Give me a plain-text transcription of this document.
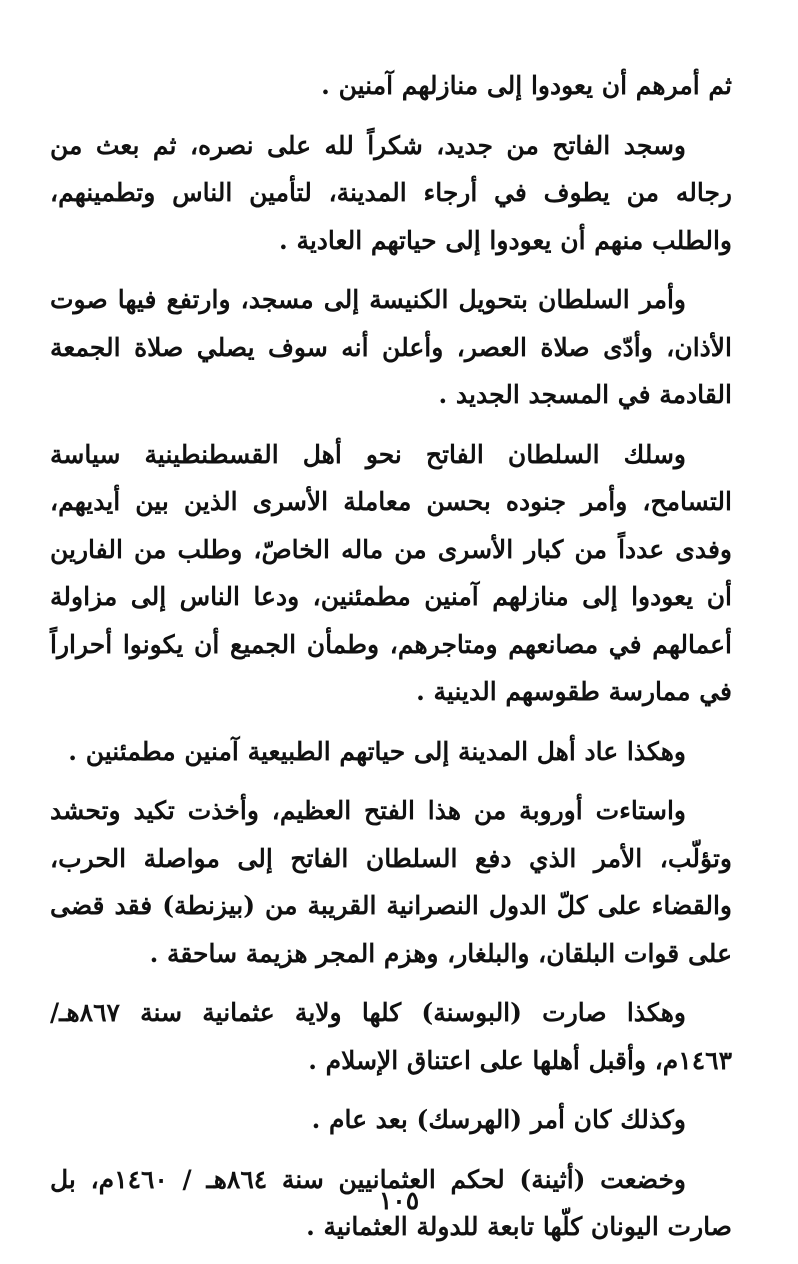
ثم أمرهم أن يعودوا إلى منازلهم آمنين .

وسجد الفاتح من جديد، شكراً لله على نصره، ثم بعث من رجاله من يطوف في أرجاء المدينة، لتأمين الناس وتطمينهم، والطلب منهم أن يعودوا إلى حياتهم العادية .

وأمر السلطان بتحويل الكنيسة إلى مسجد، وارتفع فيها صوت الأذان، وأدّى صلاة العصر، وأعلن أنه سوف يصلي صلاة الجمعة القادمة في المسجد الجديد .

وسلك السلطان الفاتح نحو أهل القسطنطينية سياسة التسامح، وأمر جنوده بحسن معاملة الأسرى الذين بين أيديهم، وفدى عدداً من كبار الأسرى من ماله الخاصّ، وطلب من الفارين أن يعودوا إلى منازلهم آمنين مطمئنين، ودعا الناس إلى مزاولة أعمالهم في مصانعهم ومتاجرهم، وطمأن الجميع أن يكونوا أحراراً في ممارسة طقوسهم الدينية .

وهكذا عاد أهل المدينة إلى حياتهم الطبيعية آمنين مطمئنين .

واستاءت أوروبة من هذا الفتح العظيم، وأخذت تكيد وتحشد وتؤلّب، الأمر الذي دفع السلطان الفاتح إلى مواصلة الحرب، والقضاء على كلّ الدول النصرانية القريبة من (بيزنطة) فقد قضى على قوات البلقان، والبلغار، وهزم المجر هزيمة ساحقة .

وهكذا صارت (البوسنة) كلها ولاية عثمانية سنة ٨٦٧هـ/ ١٤٦٣م، وأقبل أهلها على اعتناق الإسلام .

وكذلك كان أمر (الهرسك) بعد عام .

وخضعت (أثينة) لحكم العثمانيين سنة ٨٦٤هـ / ١٤٦٠م، بل صارت اليونان كلّها تابعة للدولة العثمانية .

١٠٥
